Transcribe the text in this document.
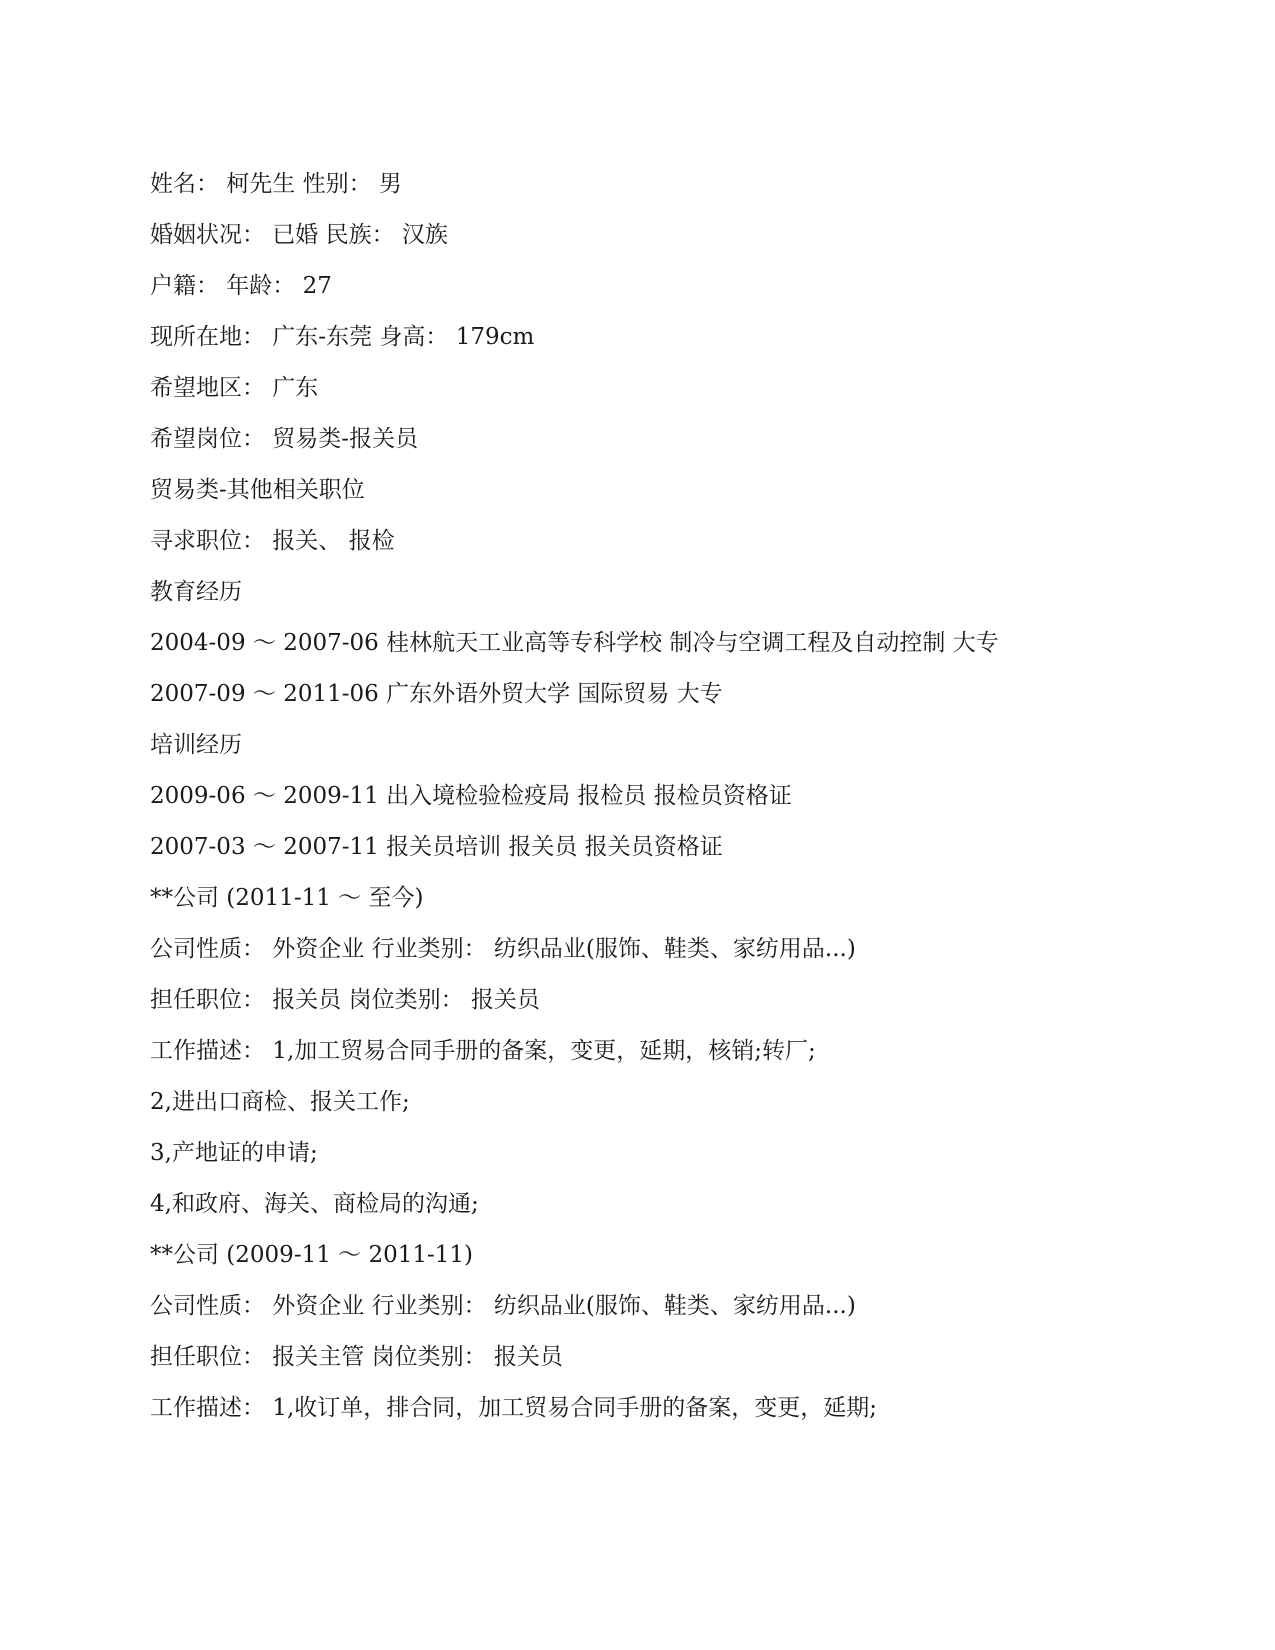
姓名： 柯先生 性别： 男
婚姻状况： 已婚 民族： 汉族
户籍： 年龄： 27
现所在地： 广东-东莞 身高： 179cm
希望地区： 广东
希望岗位： 贸易类-报关员
贸易类-其他相关职位
寻求职位： 报关、 报检
教育经历
2004-09 ～ 2007-06 桂林航天工业高等专科学校 制冷与空调工程及自动控制 大专
2007-09 ～ 2011-06 广东外语外贸大学 国际贸易 大专
培训经历
2009-06 ～ 2009-11 出入境检验检疫局 报检员 报检员资格证
2007-03 ～ 2007-11 报关员培训 报关员 报关员资格证
**公司 (2011-11 ～ 至今)
公司性质： 外资企业 行业类别： 纺织品业(服饰、鞋类、家纺用品...)
担任职位： 报关员 岗位类别： 报关员
工作描述： 1,加工贸易合同手册的备案，变更，延期，核销;转厂;
2,进出口商检、报关工作;
3,产地证的申请;
4,和政府、海关、商检局的沟通;
**公司 (2009-11 ～ 2011-11)
公司性质： 外资企业 行业类别： 纺织品业(服饰、鞋类、家纺用品...)
担任职位： 报关主管 岗位类别： 报关员
工作描述： 1,收订单，排合同，加工贸易合同手册的备案，变更，延期;
